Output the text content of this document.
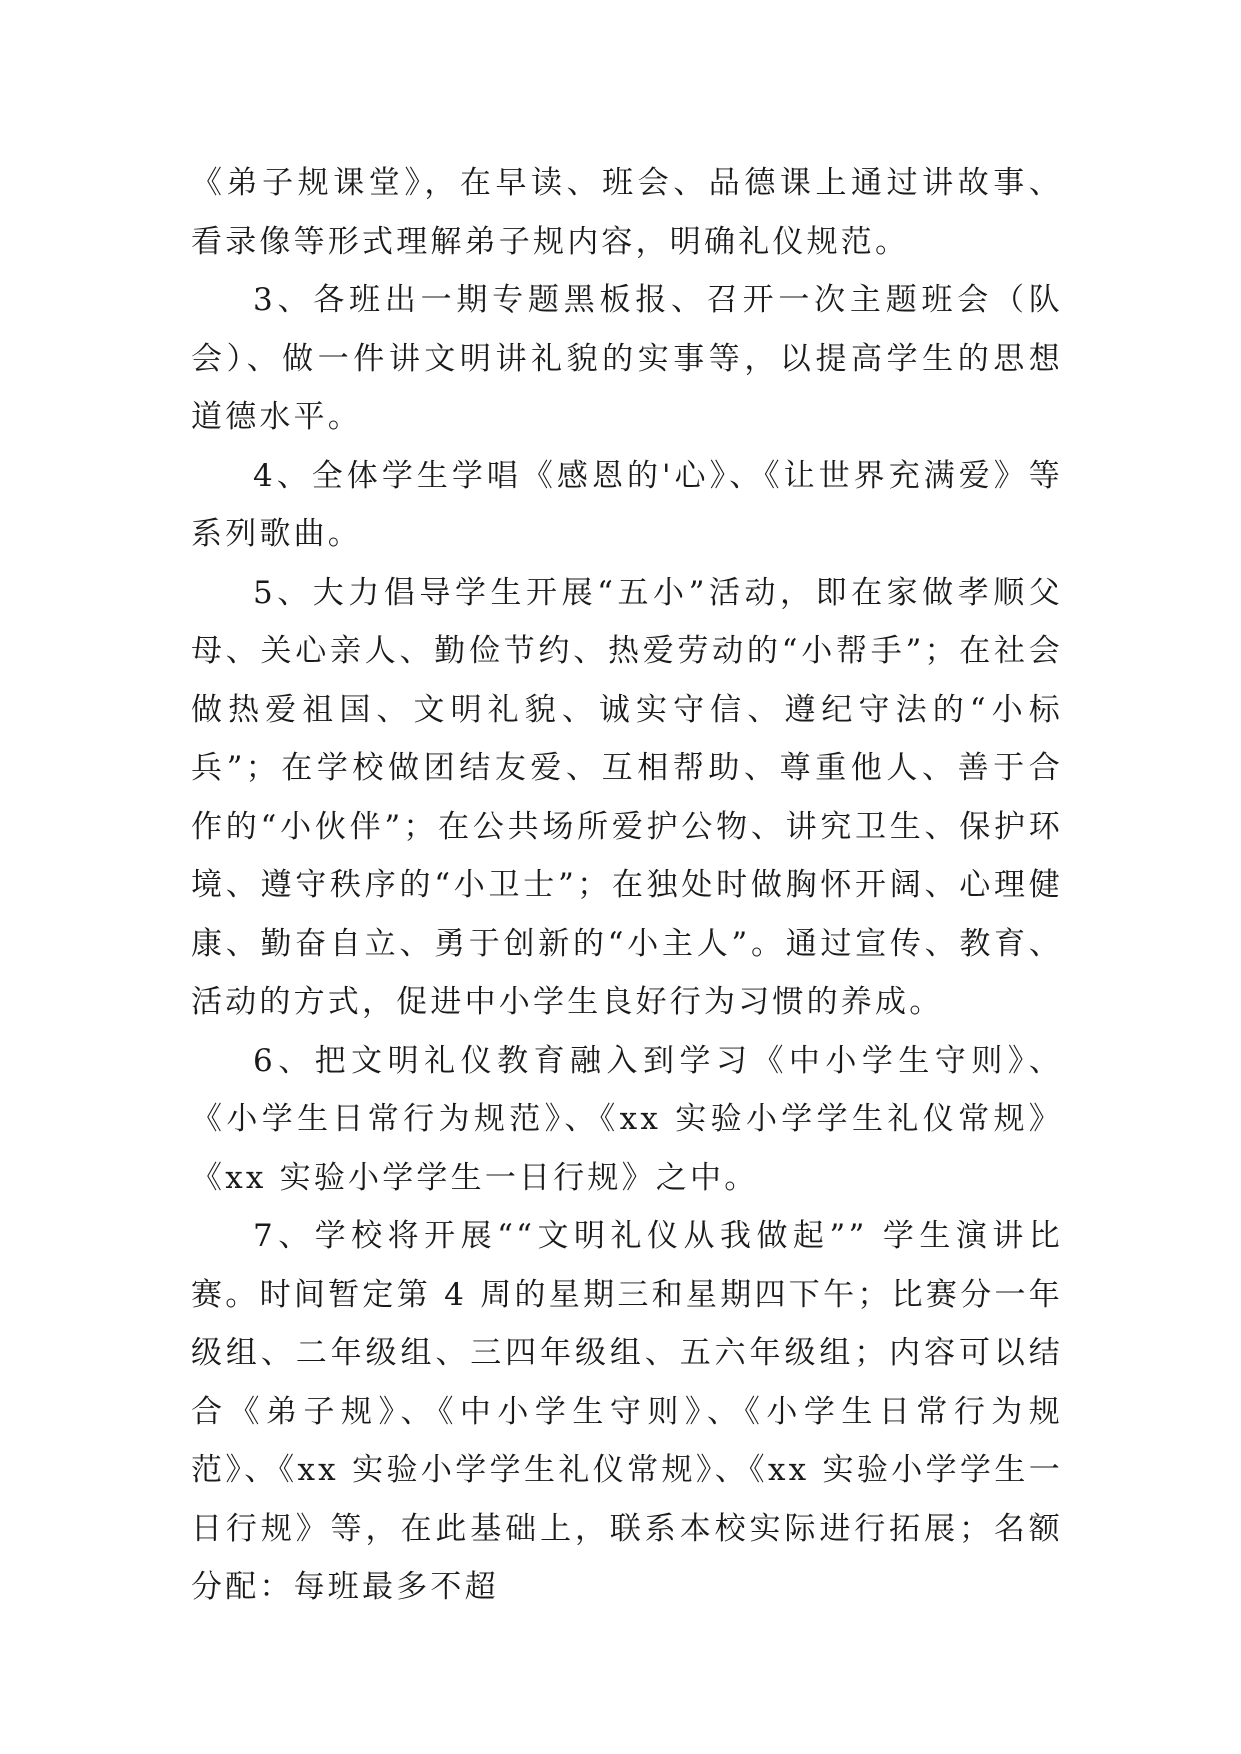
《弟子规课堂》，在早读、班会、品德课上通过讲故事、看录像等形式理解弟子规内容，明确礼仪规范。

3、各班出一期专题黑板报、召开一次主题班会（队会）、做一件讲文明讲礼貌的实事等，以提高学生的思想道德水平。

4、全体学生学唱《感恩的'心》、《让世界充满爱》等系列歌曲。

5、大力倡导学生开展“五小”活动，即在家做孝顺父母、关心亲人、勤俭节约、热爱劳动的“小帮手”；在社会做热爱祖国、文明礼貌、诚实守信、遵纪守法的“小标兵”；在学校做团结友爱、互相帮助、尊重他人、善于合作的“小伙伴”；在公共场所爱护公物、讲究卫生、保护环境、遵守秩序的“小卫士”；在独处时做胸怀开阔、心理健康、勤奋自立、勇于创新的“小主人”。通过宣传、教育、活动的方式，促进中小学生良好行为习惯的养成。

6、把文明礼仪教育融入到学习《中小学生守则》、《小学生日常行为规范》、《xx 实验小学学生礼仪常规》《xx 实验小学学生一日行规》之中。

7、学校将开展““文明礼仪从我做起”” 学生演讲比赛。时间暂定第 4 周的星期三和星期四下午；比赛分一年级组、二年级组、三四年级组、五六年级组；内容可以结合《弟子规》、《中小学生守则》、《小学生日常行为规范》、《xx 实验小学学生礼仪常规》、《xx 实验小学学生一日行规》等，在此基础上，联系本校实际进行拓展；名额分配：每班最多不超
